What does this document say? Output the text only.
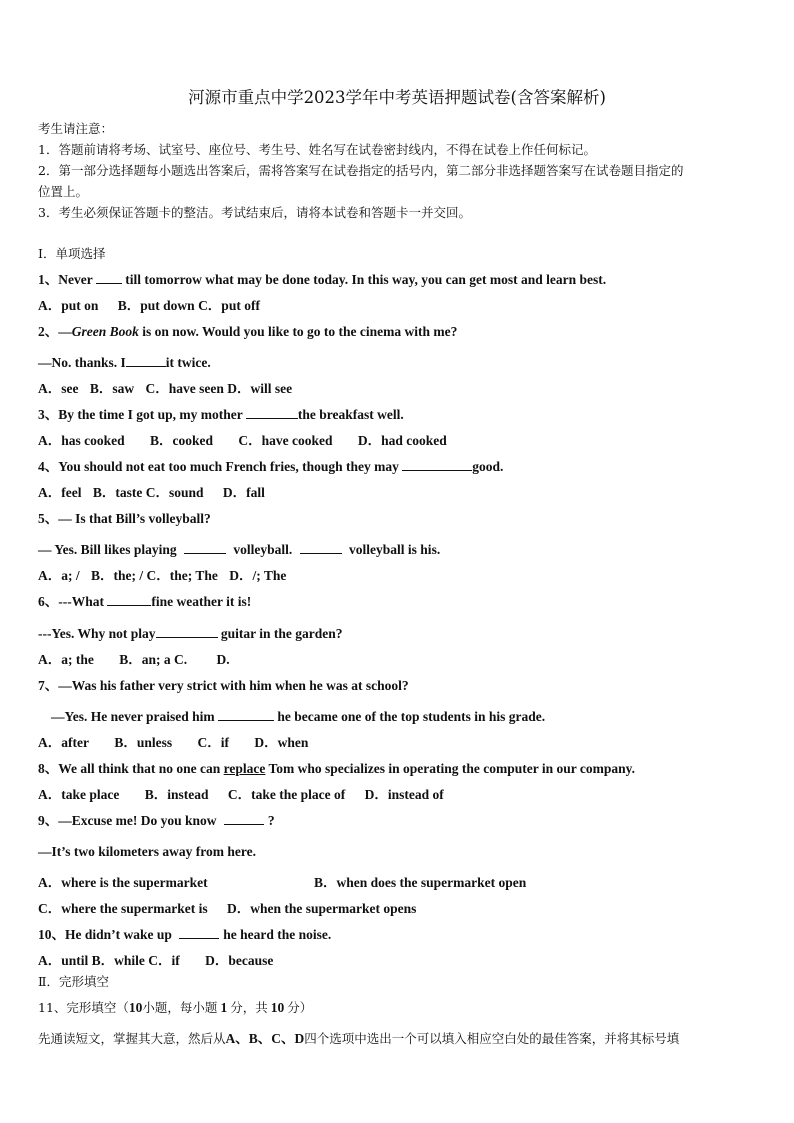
河源市重点中学2023学年中考英语押题试卷(含答案解析)
考生请注意：
1．答题前请将考场、试室号、座位号、考生号、姓名写在试卷密封线内，不得在试卷上作任何标记。
2．第一部分选择题每小题选出答案后，需将答案写在试卷指定的括号内，第二部分非选择题答案写在试卷题目指定的
位置上。
3．考生必须保证答题卡的整洁。考试结束后，请将本试卷和答题卡一并交回。
Ⅰ．单项选择
1、Never till tomorrow what may be done today. In this way, you can get most and learn best.
A．put on B．put down C．put off
2、—Green Book is on now. Would you like to go to the cinema with me?
—No. thanks. I	it twice.
A．see B．saw C．have seen D．will see
3、By the time I got up, my mother	the breakfast well.
A．has cooked B．cooked C．have cooked D．had cooked
4、You should not eat too much French fries, though they may	good.
A．feel B．taste C．sound D．fall
5、— Is that Bill’s volleyball?
— Yes. Bill likes playing	volleyball.	volleyball is his.
A．a; / B．the; / C．the; The D．/; The
6、---What	fine weather it is!
---Yes. Why not play	guitar in the garden?
A．a; the B．an; a C. D.
7、—Was his father very strict with him when he was at school?
—Yes. He never praised him	he became one of the top students in his grade.
A．after B．unless C．if D．when
8、We all think that no one can replace Tom who specializes in operating the computer in our company.
A．take place B．instead C．take the place of D．instead of
9、—Excuse me! Do you know	?
—It’s two kilometers away from here.
A．where is the supermarket	B．when does the supermarket open
C．where the supermarket is D．when the supermarket opens
10、He didn’t wake up	he heard the noise.
A．until B．while C．if D．because
Ⅱ．完形填空
11、完形填空（10小题，每小题 1 分，共 10 分）
先通读短文，掌握其大意，然后从A、B、C、D四个选项中选出一个可以填入相应空白处的最佳答案，并将其标号填
